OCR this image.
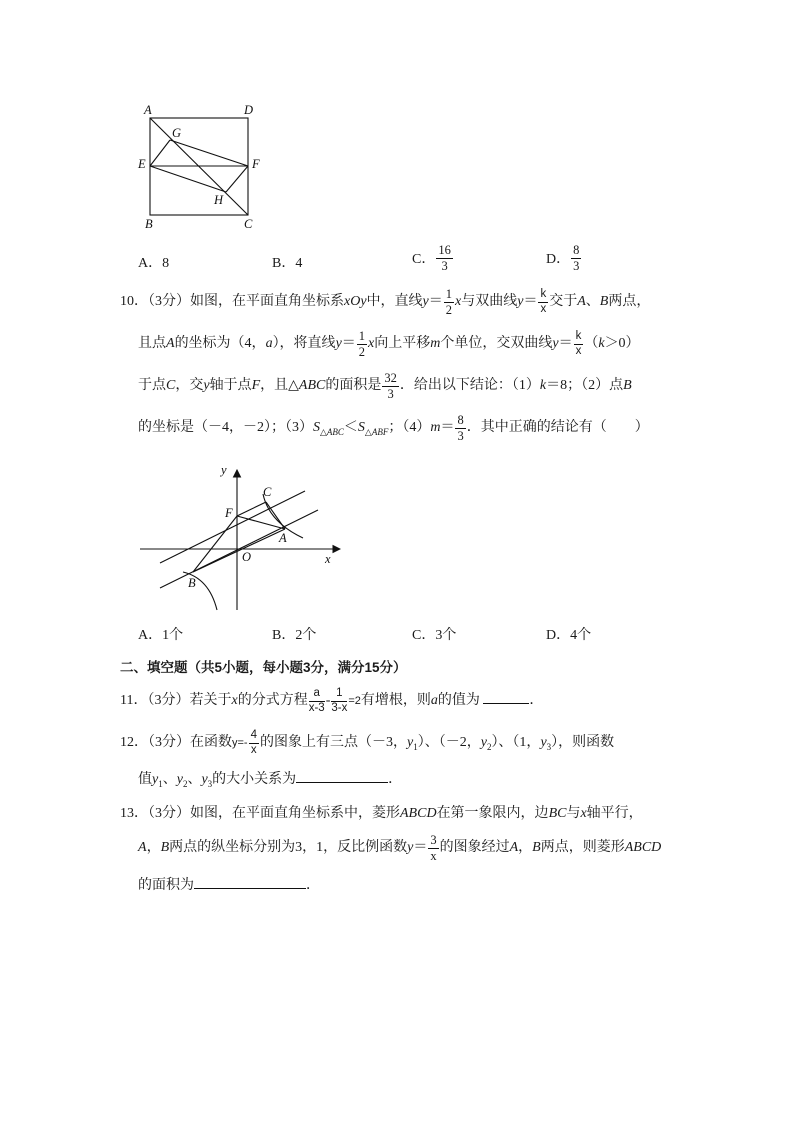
A	D
G
E	F
H
B	C
A．8	B．4	C． $\frac{16}{3}$	D． $\frac{8}{3}$
10．（3分）如图，在平面直角坐标系xOy中，直线$y= \frac{1}{2}$ x与双曲线$y= \frac{k}{x}$ 交于A、B两点，
且点A的坐标为（4，a），将直线$y= \frac{1}{2}$ x向上平移m个单位，交双曲线$y= \frac{k}{x} (k>0)$
于点C，交y轴于点F，且△ABC的面积是 $\frac{32}{3}$ ．给出以下结论：（1）k＝8；（2）点B
的坐标是（－4，－2）；$(3)S_{\triangle ABC}<S_{\triangle ABF}$；$(4)m= \frac{8}{3}$ ．其中正确的结论有（　　）
y
x
O
C
F
A
B
A．1个	B．2个	C．3个	D．4个
二、填空题（共5小题，每小题3分，满分15分）
11．（3分）若关于x的分式方程 $\frac{a}{x-3} - \frac{1}{3-x} =2$有增根，则a的值为	．
12．（3分）在函数$y=- \frac{4}{x}$ 的图象上有三点（－3，$y_1$）、（－2，$y_2$）、（1，$y_3$），则函数
值$y_1$、$y_2$、$y_3$的大小关系为	．
13．（3分）如图，在平面直角坐标系中，菱形ABCD在第一象限内，边BC与x轴平行，
A，B两点的纵坐标分别为3，1，反比例函数$y= \frac{3}{x}$ 的图象经过A，B两点，则菱形ABCD
的面积为	．
